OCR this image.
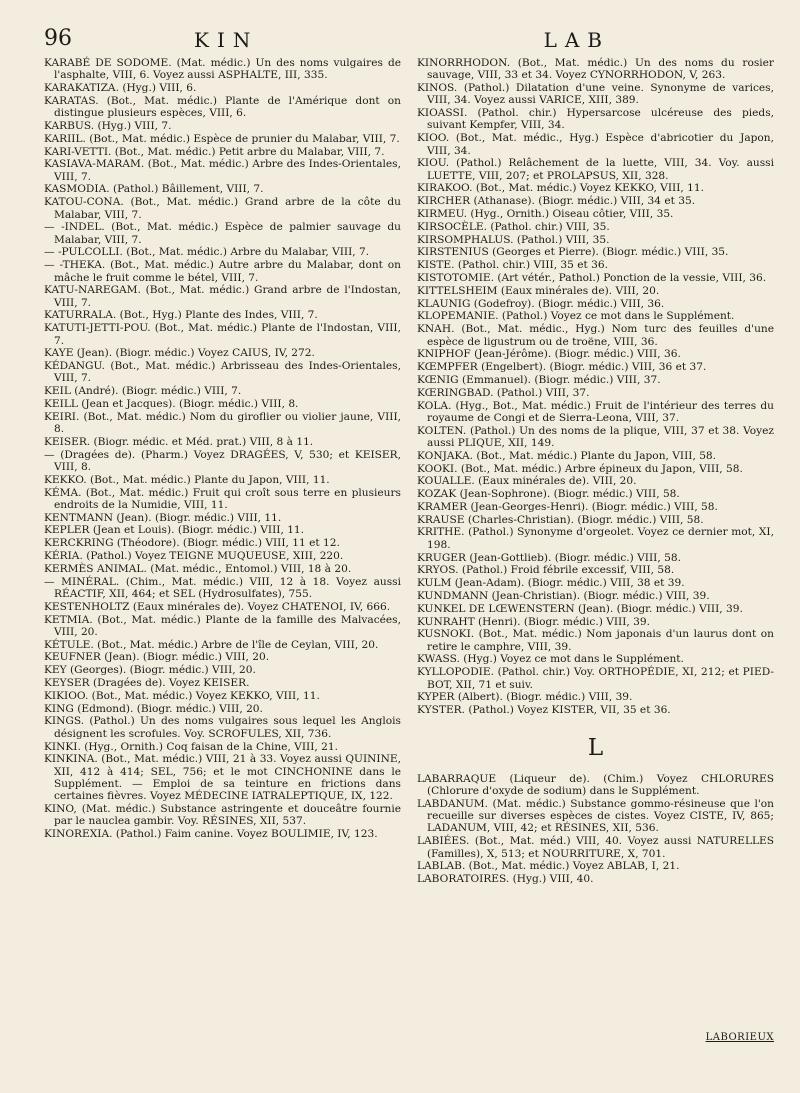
96	KIN	LAB

KARABÉ DE SODOME. (Mat. médic.) Un des noms vulgaires de l'asphalte, VIII, 6. Voyez aussi ASPHALTE, III, 335.

KARAKATIZA. (Hyg.) VIII, 6.

KARATAS. (Bot., Mat. médic.) Plante de l'Amérique dont on distingue plusieurs espèces, VIII, 6.

KARBUS. (Hyg.) VIII, 7.

KARIIL. (Bot., Mat. médic.) Espèce de prunier du Malabar, VIII, 7.

KARI-VETTI. (Bot., Mat. médic.) Petit arbre du Malabar, VIII, 7.

KASIAVA-MARAM. (Bot., Mat. médic.) Arbre des Indes-Orientales, VIII, 7.

KASMODIA. (Pathol.) Bâillement, VIII, 7.

KATOU-CONA. (Bot., Mat. médic.) Grand arbre de la côte du Malabar, VIII, 7.

— -INDEL. (Bot., Mat. médic.) Espèce de palmier sauvage du Malabar, VIII, 7.

— -PULCOLLI. (Bot., Mat. médic.) Arbre du Malabar, VIII, 7.

— -THEKA. (Bot., Mat. médic.) Autre arbre du Malabar, dont on mâche le fruit comme le bétel, VIII, 7.

KATU-NAREGAM. (Bot., Mat. médic.) Grand arbre de l'Indostan, VIII, 7.

KATURRALA. (Bot., Hyg.) Plante des Indes, VIII, 7.

KATUTI-JETTI-POU. (Bot., Mat. médic.) Plante de l'Indostan, VIII, 7.

KAYE (Jean). (Biogr. médic.) Voyez CAIUS, IV, 272.

KÉDANGU. (Bot., Mat. médic.) Arbrisseau des Indes-Orientales, VIII, 7.

KEIL (André). (Biogr. médic.) VIII, 7.

KEILL (Jean et Jacques). (Biogr. médic.) VIII, 8.

KEIRI. (Bot., Mat. médic.) Nom du giroflier ou violier jaune, VIII, 8.

KEISER. (Biogr. médic. et Méd. prat.) VIII, 8 à 11.

— (Dragées de). (Pharm.) Voyez DRAGÉES, V, 530; et KEISER, VIII, 8.

KEKKO. (Bot., Mat. médic.) Plante du Japon, VIII, 11.

KÉMA. (Bot., Mat. médic.) Fruit qui croît sous terre en plusieurs endroits de la Numidie, VIII, 11.

KENTMANN (Jean). (Biogr. médic.) VIII, 11.

KEPLER (Jean et Louis). (Biogr. médic.) VIII, 11.

KERCKRING (Théodore). (Biogr. médic.) VIII, 11 et 12.

KÉRIA. (Pathol.) Voyez TEIGNE MUQUEUSE, XIII, 220.

KERMÈS ANIMAL. (Mat. médic., Entomol.) VIII, 18 à 20.

— MINÉRAL. (Chim., Mat. médic.) VIII, 12 à 18. Voyez aussi RÉACTIF, XII, 464; et SEL (Hydrosulfates), 755.

KESTENHOLTZ (Eaux minérales de). Voyez CHATENOI, IV, 666.

KETMIA. (Bot., Mat. médic.) Plante de la famille des Malvacées, VIII, 20.

KÉTULE. (Bot., Mat. médic.) Arbre de l'île de Ceylan, VIII, 20.

KEUFNER (Jean). (Biogr. médic.) VIII, 20.

KEY (Georges). (Biogr. médic.) VIII, 20.

KEYSER (Dragées de). Voyez KEISER.

KIKIOO. (Bot., Mat. médic.) Voyez KEKKO, VIII, 11.

KING (Edmond). (Biogr. médic.) VIII, 20.

KINGS. (Pathol.) Un des noms vulgaires sous lequel les Anglois désignent les scrofules. Voy. SCROFULES, XII, 736.

KINKI. (Hyg., Ornith.) Coq faisan de la Chine, VIII, 21.

KINKINA. (Bot., Mat. médic.) VIII, 21 à 33. Voyez aussi QUININE, XII, 412 à 414; SEL, 756; et le mot CINCHONINE dans le Supplément. — Emploi de sa teinture en frictions dans certaines fièvres. Voyez MÉDECINE IATRALEPTIQUE, IX, 122.

KINO, (Mat. médic.) Substance astringente et douceâtre fournie par le nauclea gambir. Voy. RÉSINES, XII, 537.

KINOREXIA. (Pathol.) Faim canine. Voyez BOULIMIE, IV, 123.

KINORRHODON. (Bot., Mat. médic.) Un des noms du rosier sauvage, VIII, 33 et 34. Voyez CYNORRHODON, V, 263.

KINOS. (Pathol.) Dilatation d'une veine. Synonyme de varices, VIII, 34. Voyez aussi VARICE, XIII, 389.

KIOASSI. (Pathol. chir.) Hypersarcose ulcéreuse des pieds, suivant Kempfer, VIII, 34.

KIOO. (Bot., Mat. médic., Hyg.) Espèce d'abricotier du Japon, VIII, 34.

KIOU. (Pathol.) Relâchement de la luette, VIII, 34. Voy. aussi LUETTE, VIII, 207; et PROLAPSUS, XII, 328.

KIRAKOO. (Bot., Mat. médic.) Voyez KEKKO, VIII, 11.

KIRCHER (Athanase). (Biogr. médic.) VIII, 34 et 35.

KIRMEU. (Hyg., Ornith.) Oiseau côtier, VIII, 35.

KIRSOCÈLE. (Pathol. chir.) VIII, 35.

KIRSOMPHALUS. (Pathol.) VIII, 35.

KIRSTENIUS (Georges et Pierre). (Biogr. médic.) VIII, 35.

KISTE. (Pathol. chir.) VIII, 35 et 36.

KISTOTOMIE. (Art vétér., Pathol.) Ponction de la vessie, VIII, 36.

KITTELSHEIM (Eaux minérales de). VIII, 20.

KLAUNIG (Godefroy). (Biogr. médic.) VIII, 36.

KLOPEMANIE. (Pathol.) Voyez ce mot dans le Supplément.

KNAH. (Bot., Mat. médic., Hyg.) Nom turc des feuilles d'une espèce de ligustrum ou de troëne, VIII, 36.

KNIPHOF (Jean-Jérôme). (Biogr. médic.) VIII, 36.

KŒMPFER (Engelbert). (Biogr. médic.) VIII, 36 et 37.

KŒNIG (Emmanuel). (Biogr. médic.) VIII, 37.

KŒRINGBAD. (Pathol.) VIII, 37.

KOLA. (Hyg., Bot., Mat. médic.) Fruit de l'intérieur des terres du royaume de Congi et de Sierra-Leona, VIII, 37.

KOLTEN. (Pathol.) Un des noms de la plique, VIII, 37 et 38. Voyez aussi PLIQUE, XII, 149.

KONJAKA. (Bot., Mat. médic.) Plante du Japon, VIII, 58.

KOOKI. (Bot., Mat. médic.) Arbre épineux du Japon, VIII, 58.

KOUALLE. (Eaux minérales de). VIII, 20.

KOZAK (Jean-Sophrone). (Biogr. médic.) VIII, 58.

KRAMER (Jean-Georges-Henri). (Biogr. médic.) VIII, 58.

KRAUSE (Charles-Christian). (Biogr. médic.) VIII, 58.

KRITHE. (Pathol.) Synonyme d'orgeolet. Voyez ce dernier mot, XI, 198.

KRUGER (Jean-Gottlieb). (Biogr. médic.) VIII, 58.

KRYOS. (Pathol.) Froid fébrile excessif, VIII, 58.

KULM (Jean-Adam). (Biogr. médic.) VIII, 38 et 39.

KUNDMANN (Jean-Christian). (Biogr. médic.) VIII, 39.

KUNKEL DE LŒWENSTERN (Jean). (Biogr. médic.) VIII, 39.

KUNRAHT (Henri). (Biogr. médic.) VIII, 39.

KUSNOKI. (Bot., Mat. médic.) Nom japonais d'un laurus dont on retire le camphre, VIII, 39.

KWASS. (Hyg.) Voyez ce mot dans le Supplément.

KYLLOPODIE. (Pathol. chir.) Voy. ORTHOPÉDIE, XI, 212; et PIED-BOT, XII, 71 et suiv.

KYPER (Albert). (Biogr. médic.) VIII, 39.

KYSTER. (Pathol.) Voyez KISTER, VII, 35 et 36.

L

LABARRAQUE (Liqueur de). (Chim.) Voyez CHLORURES (Chlorure d'oxyde de sodium) dans le Supplément.

LABDANUM. (Mat. médic.) Substance gommo-résineuse que l'on recueille sur diverses espèces de cistes. Voyez CISTE, IV, 865; LADANUM, VIII, 42; et RÉSINES, XII, 536.

LABIÉES. (Bot., Mat. méd.) VIII, 40. Voyez aussi NATURELLES (Familles), X, 513; et NOURRITURE, X, 701.

LABLAB. (Bot., Mat. médic.) Voyez ABLAB, I, 21.

LABORATOIRES. (Hyg.) VIII, 40.

LABORIEUX
